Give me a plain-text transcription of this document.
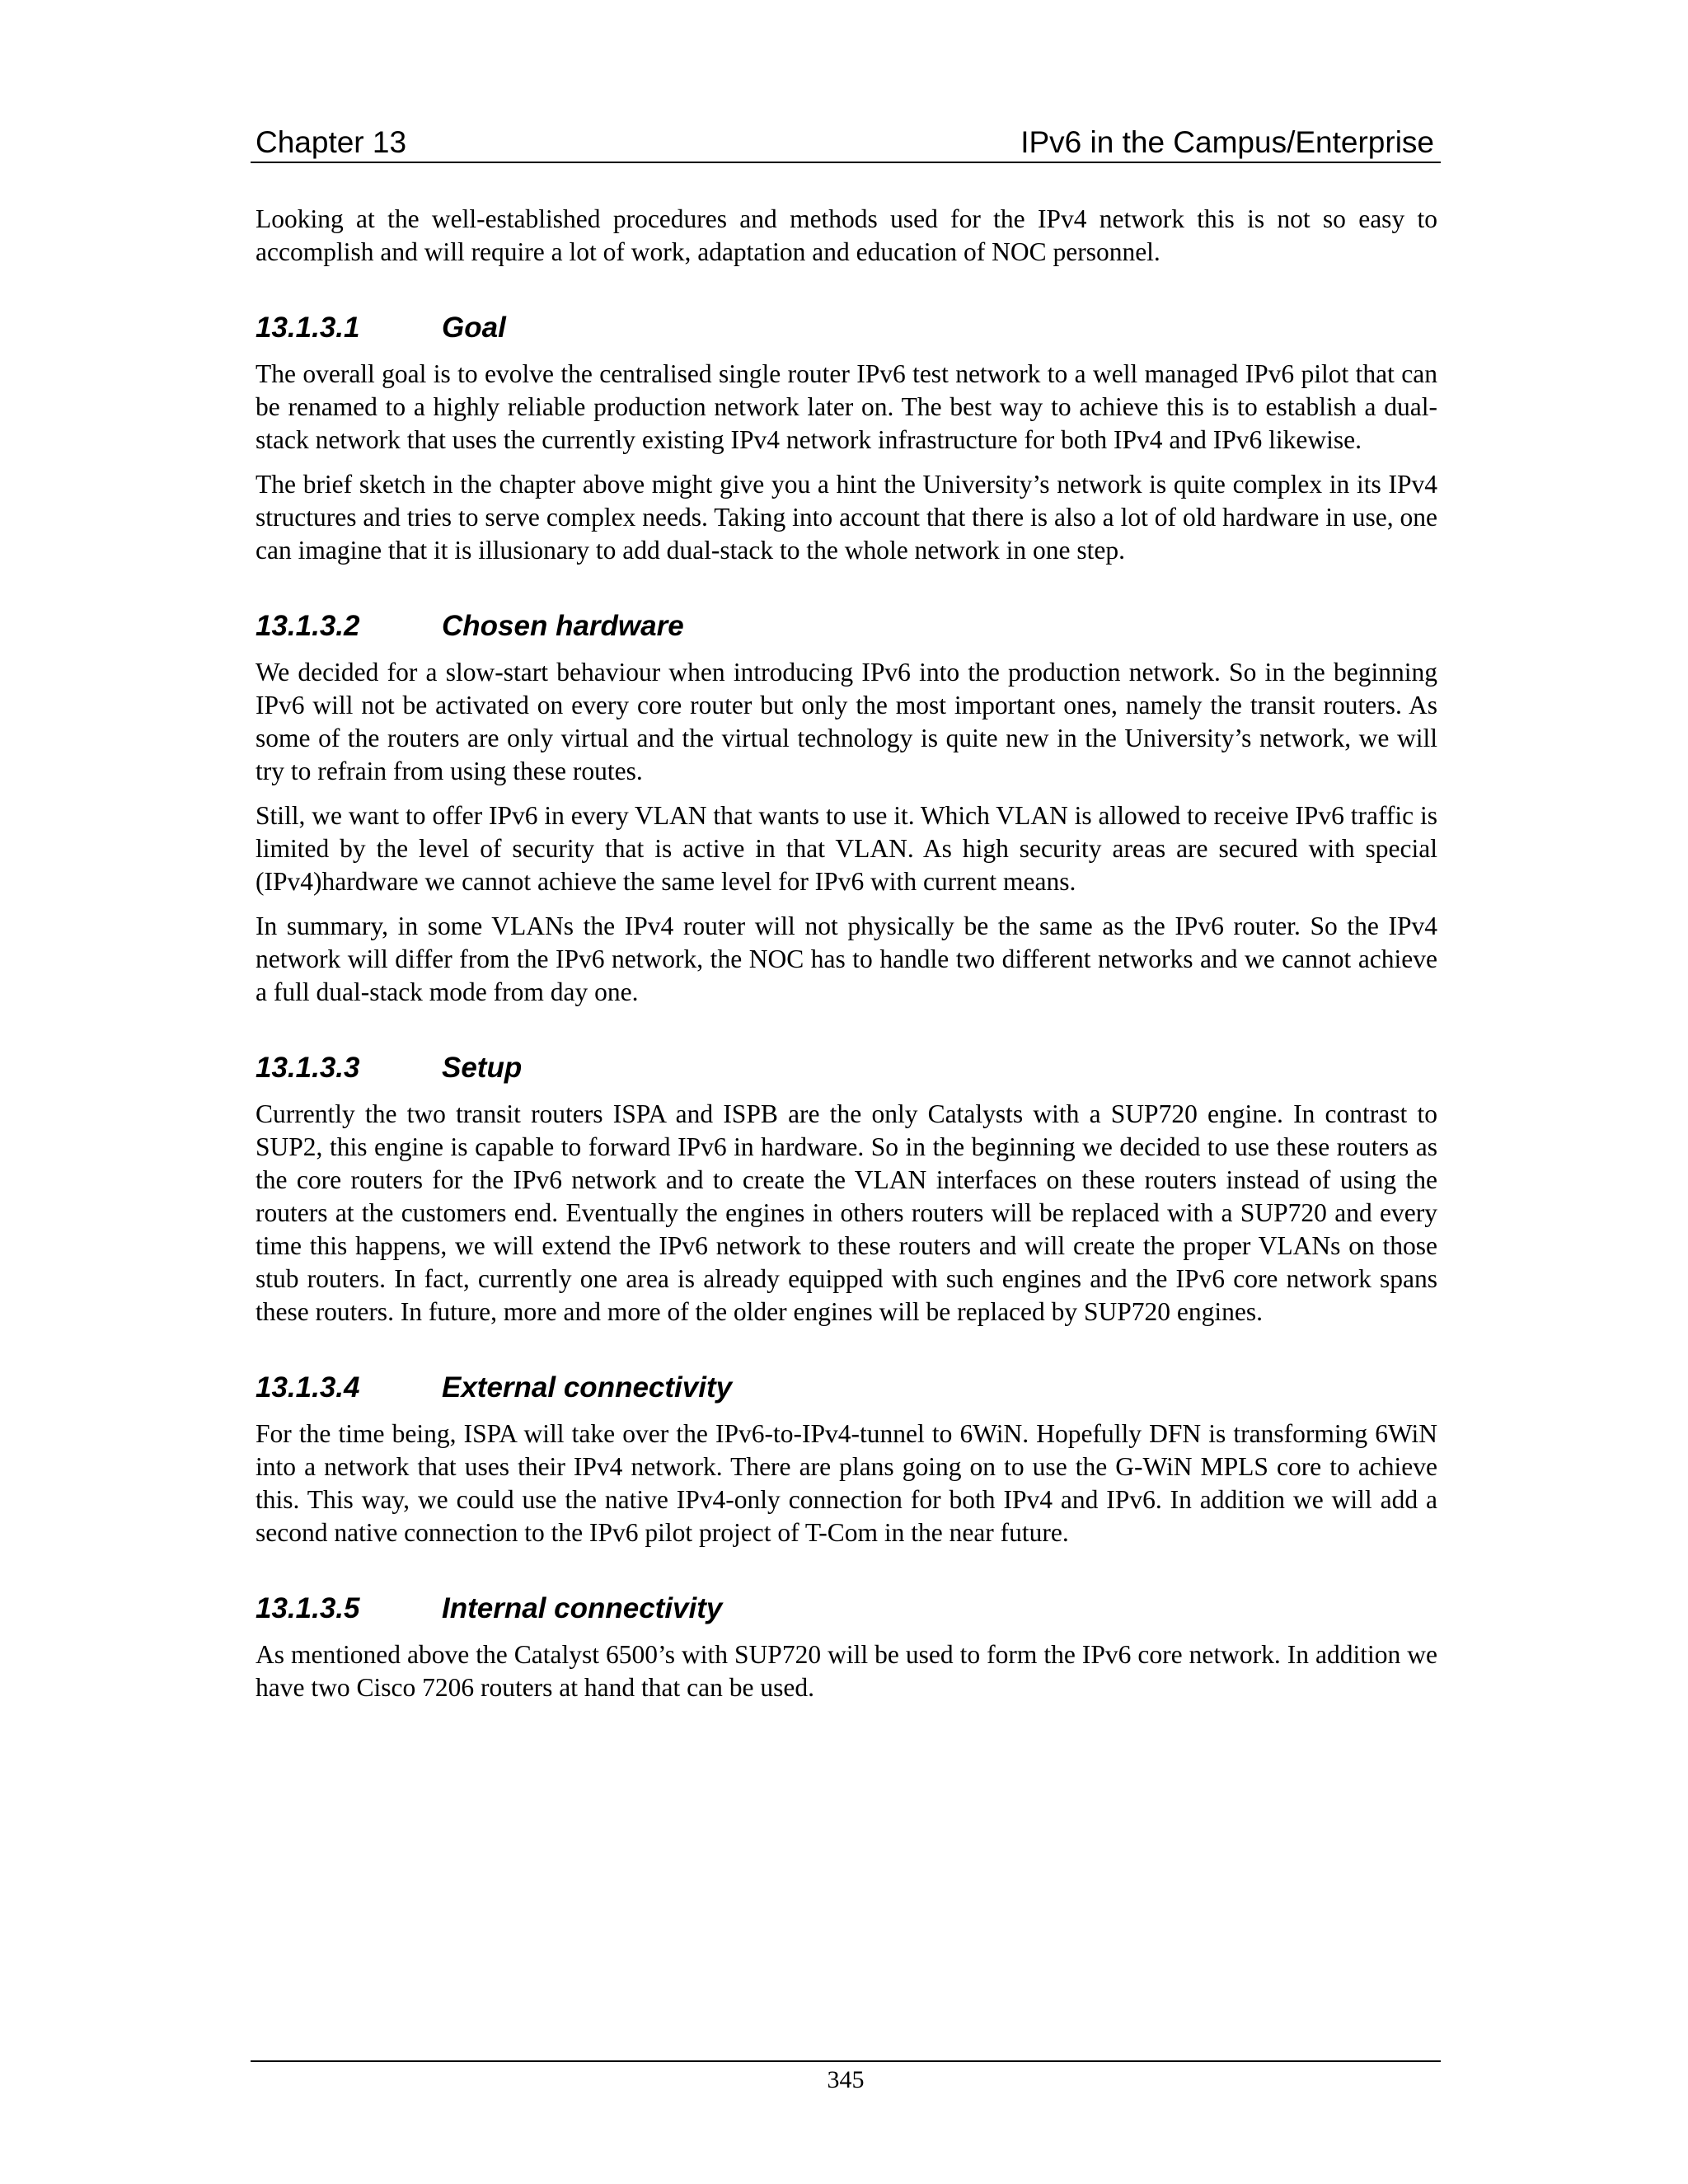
Chapter 13	IPv6 in the Campus/Enterprise

Looking at the well-established procedures and methods used for the IPv4 network this is not so easy to accomplish and will require a lot of work, adaptation and education of NOC personnel.

13.1.3.1	Goal

The overall goal is to evolve the centralised single router IPv6 test network to a well managed IPv6 pilot that can be renamed to a highly reliable production network later on. The best way to achieve this is to establish a dual-stack network that uses the currently existing IPv4 network infrastructure for both IPv4 and IPv6 likewise.

The brief sketch in the chapter above might give you a hint the University’s network is quite complex in its IPv4 structures and tries to serve complex needs. Taking into account that there is also a lot of old hardware in use, one can imagine that it is illusionary to add dual-stack to the whole network in one step.

13.1.3.2	Chosen hardware

We decided for a slow-start behaviour when introducing IPv6 into the production network. So in the beginning IPv6 will not be activated on every core router but only the most important ones, namely the transit routers. As some of the routers are only virtual and the virtual technology is quite new in the University’s network, we will try to refrain from using these routes.

Still, we want to offer IPv6 in every VLAN that wants to use it. Which VLAN is allowed to receive IPv6 traffic is limited by the level of security that is active in that VLAN. As high security areas are secured with special (IPv4)hardware we cannot achieve the same level for IPv6 with current means.

In summary, in some VLANs the IPv4 router will not physically be the same as the IPv6 router. So the IPv4 network will differ from the IPv6 network, the NOC has to handle two different networks and we cannot achieve a full dual-stack mode from day one.

13.1.3.3	Setup

Currently the two transit routers ISPA and ISPB are the only Catalysts with a SUP720 engine. In contrast to SUP2, this engine is capable to forward IPv6 in hardware. So in the beginning we decided to use these routers as the core routers for the IPv6 network and to create the VLAN interfaces on these routers instead of using the routers at the customers end. Eventually the engines in others routers will be replaced with a SUP720 and every time this happens, we will extend the IPv6 network to these routers and will create the proper VLANs on those stub routers. In fact, currently one area is already equipped with such engines and the IPv6 core network spans these routers. In future, more and more of the older engines will be replaced by SUP720 engines.

13.1.3.4	External connectivity

For the time being, ISPA will take over the IPv6-to-IPv4-tunnel to 6WiN. Hopefully DFN is transforming 6WiN into a network that uses their IPv4 network. There are plans going on to use the G-WiN MPLS core to achieve this. This way, we could use the native IPv4-only connection for both IPv4 and IPv6. In addition we will add a second native connection to the IPv6 pilot project of T-Com in the near future.

13.1.3.5	Internal connectivity

As mentioned above the Catalyst 6500’s with SUP720 will be used to form the IPv6 core network. In addition we have two Cisco 7206 routers at hand that can be used.

345
